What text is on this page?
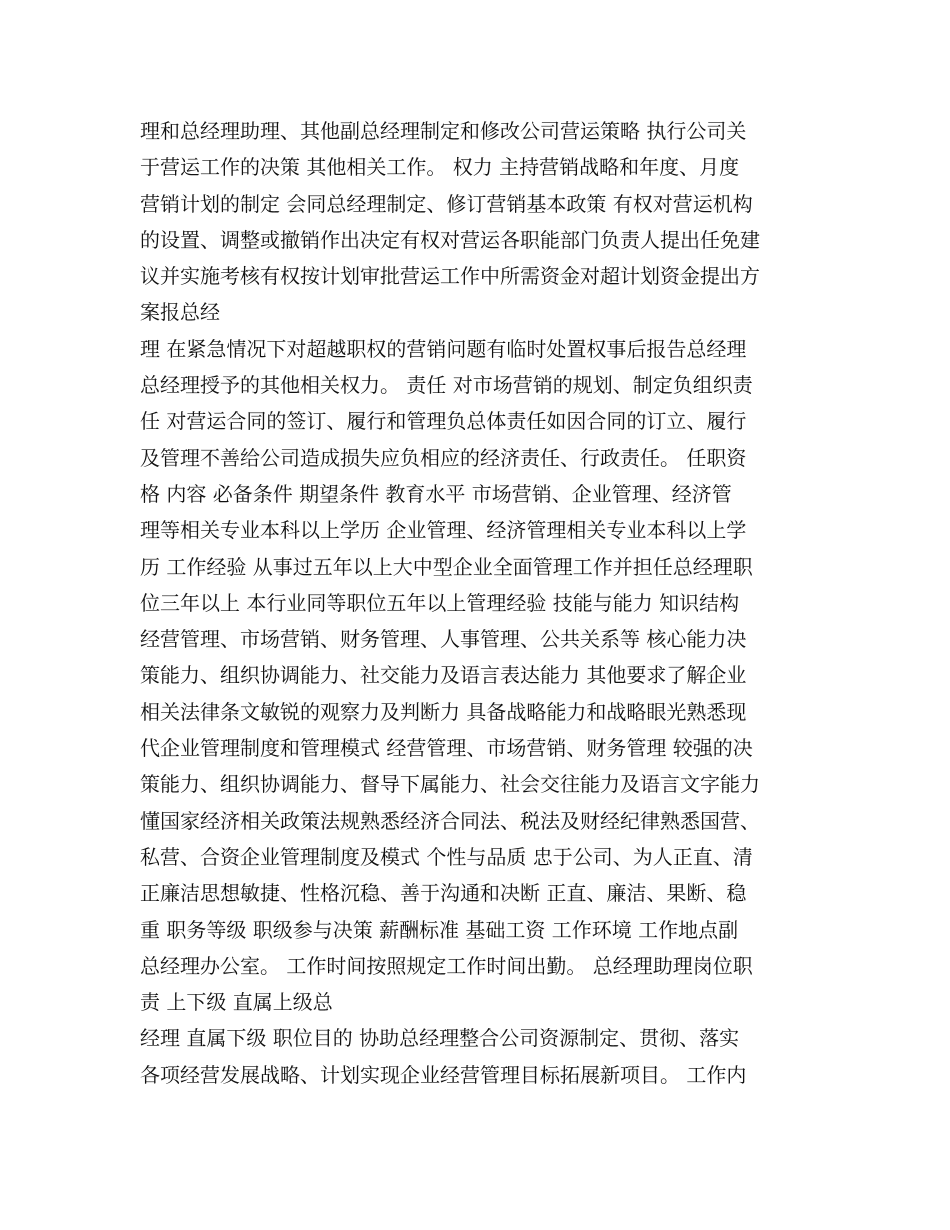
理和总经理助理、其他副总经理制定和修改公司营运策略 执行公司关
于营运工作的决策 其他相关工作。 权力 主持营销战略和年度、月度
营销计划的制定 会同总经理制定、修订营销基本政策 有权对营运机构
的设置、调整或撤销作出决定有权对营运各职能部门负责人提出任免建
议并实施考核有权按计划审批营运工作中所需资金对超计划资金提出方
案报总经
理 在紧急情况下对超越职权的营销问题有临时处置权事后报告总经理
总经理授予的其他相关权力。 责任 对市场营销的规划、制定负组织责
任 对营运合同的签订、履行和管理负总体责任如因合同的订立、履行
及管理不善给公司造成损失应负相应的经济责任、行政责任。 任职资
格 内容 必备条件 期望条件 教育水平 市场营销、企业管理、经济管
理等相关专业本科以上学历 企业管理、经济管理相关专业本科以上学
历 工作经验 从事过五年以上大中型企业全面管理工作并担任总经理职
位三年以上 本行业同等职位五年以上管理经验 技能与能力 知识结构
经营管理、市场营销、财务管理、人事管理、公共关系等 核心能力决
策能力、组织协调能力、社交能力及语言表达能力 其他要求了解企业
相关法律条文敏锐的观察力及判断力 具备战略能力和战略眼光熟悉现
代企业管理制度和管理模式 经营管理、市场营销、财务管理 较强的决
策能力、组织协调能力、督导下属能力、社会交往能力及语言文字能力
懂国家经济相关政策法规熟悉经济合同法、税法及财经纪律熟悉国营、
私营、合资企业管理制度及模式 个性与品质 忠于公司、为人正直、清
正廉洁思想敏捷、性格沉稳、善于沟通和决断 正直、廉洁、果断、稳
重 职务等级 职级参与决策 薪酬标准 基础工资 工作环境 工作地点副
总经理办公室。 工作时间按照规定工作时间出勤。 总经理助理岗位职
责 上下级 直属上级总
经理 直属下级 职位目的 协助总经理整合公司资源制定、贯彻、落实
各项经营发展战略、计划实现企业经营管理目标拓展新项目。 工作内
